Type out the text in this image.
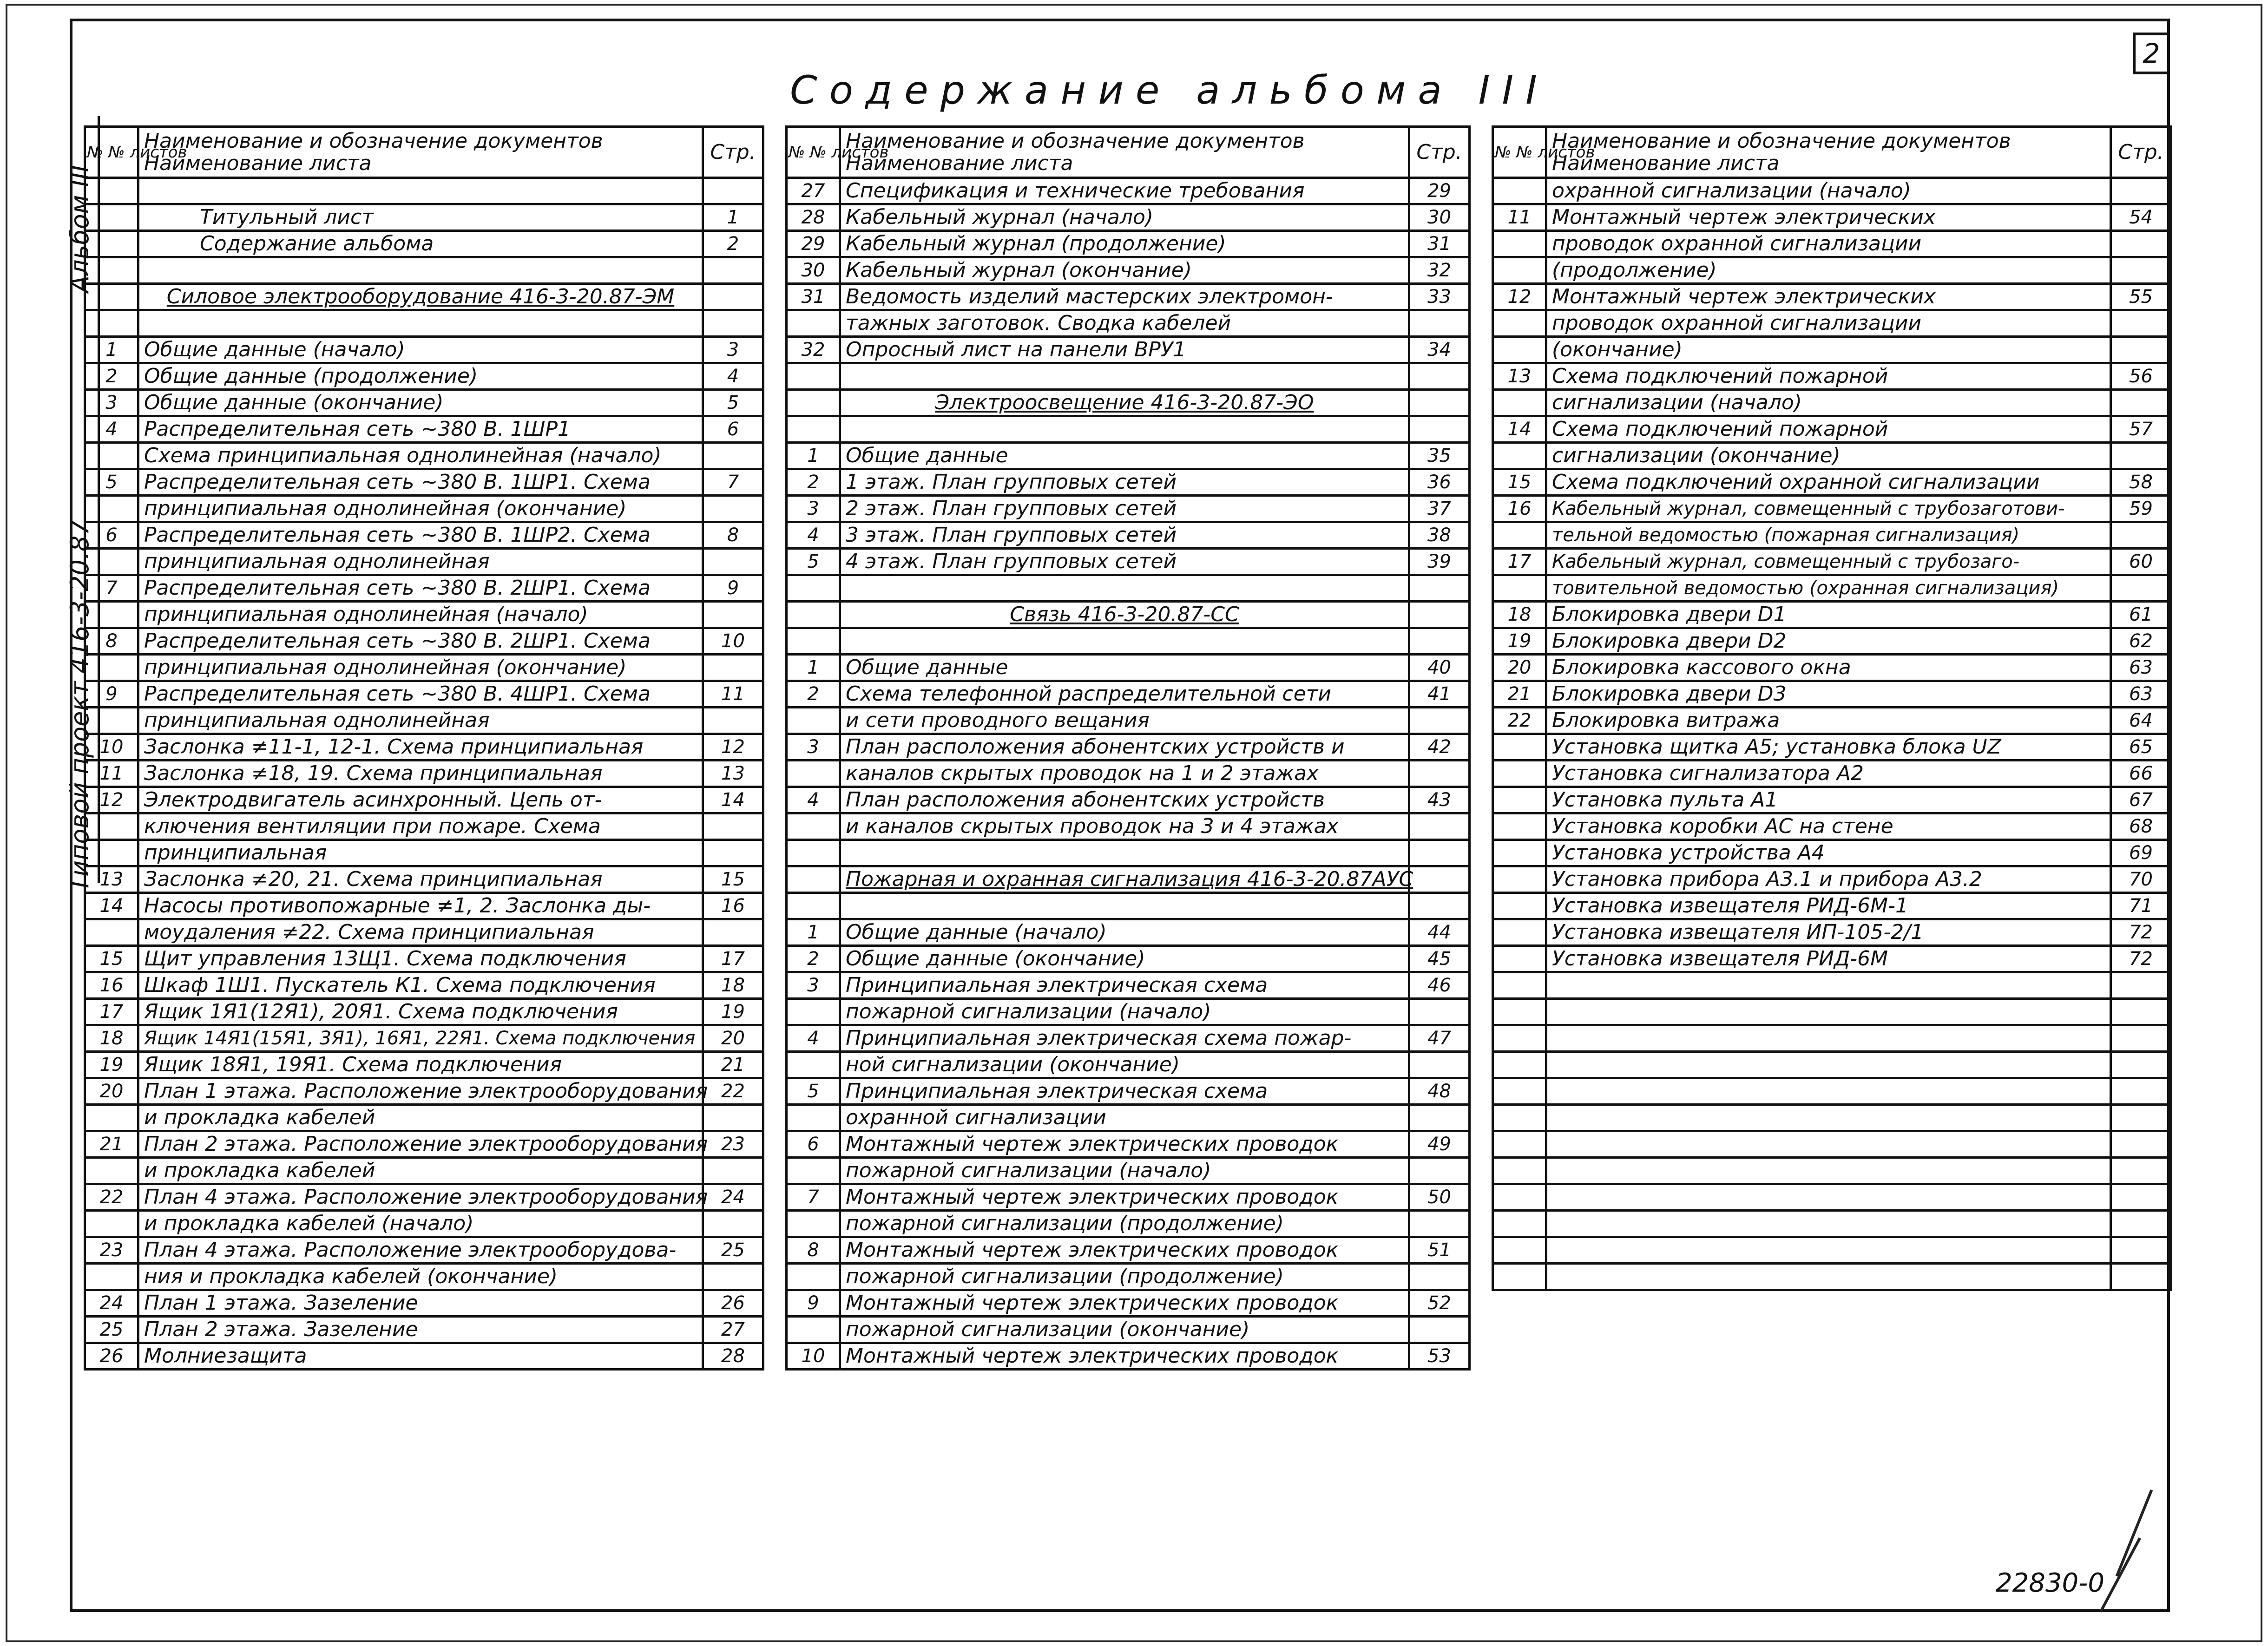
2
Альбом III
Типовой проект 416-3-20.87
Содержание альбома III
№ № листов	Наименование и обозначение документов
Наименование листа	Стр.

	Титульный лист	1
	Содержание альбома	2

	Силовое электрооборудование 416-3-20.87-ЭМ	

1	Общие данные (начало)	3
2	Общие данные (продолжение)	4
3	Общие данные (окончание)	5
4	Распределительная сеть ~380 В. 1ШР1	6
	Схема принципиальная однолинейная (начало)	
5	Распределительная сеть ~380 В. 1ШР1. Схема	7
	принципиальная однолинейная (окончание)	
6	Распределительная сеть ~380 В. 1ШР2. Схема	8
	принципиальная однолинейная	
7	Распределительная сеть ~380 В. 2ШР1. Схема	9
	принципиальная однолинейная (начало)	
8	Распределительная сеть ~380 В. 2ШР1. Схема	10
	принципиальная однолинейная (окончание)	
9	Распределительная сеть ~380 В. 4ШР1. Схема	11
	принципиальная однолинейная	
10	Заслонка ≠11-1, 12-1. Схема принципиальная	12
11	Заслонка ≠18, 19. Схема принципиальная	13
12	Электродвигатель асинхронный. Цепь от-	14
	ключения вентиляции при пожаре. Схема	
	принципиальная	
13	Заслонка ≠20, 21. Схема принципиальная	15
14	Насосы противопожарные ≠1, 2. Заслонка ды-	16
	моудаления ≠22. Схема принципиальная	
15	Щит управления 13Щ1. Схема подключения	17
16	Шкаф 1Ш1. Пускатель К1. Схема подключения	18
17	Ящик 1Я1(12Я1), 20Я1. Схема подключения	19
18	Ящик 14Я1(15Я1, 3Я1), 16Я1, 22Я1. Схема подключения	20
19	Ящик 18Я1, 19Я1. Схема подключения	21
20	План 1 этажа. Расположение электрооборудования	22
	и прокладка кабелей	
21	План 2 этажа. Расположение электрооборудования	23
	и прокладка кабелей	
22	План 4 этажа. Расположение электрооборудования	24
	и прокладка кабелей (начало)	
23	План 4 этажа. Расположение электрооборудова-	25
	ния и прокладка кабелей (окончание)	
24	План 1 этажа. Зазеление	26
25	План 2 этажа. Зазеление	27
26	Молниезащита	28
№ № листов	Наименование и обозначение документов
Наименование листа	Стр.
27	Спецификация и технические требования	29
28	Кабельный журнал (начало)	30
29	Кабельный журнал (продолжение)	31
30	Кабельный журнал (окончание)	32
31	Ведомость изделий мастерских электромон-	33
	тажных заготовок. Сводка кабелей	
32	Опросный лист на панели ВРУ1	34

	Электроосвещение 416-3-20.87-ЭО	

1	Общие данные	35
2	1 этаж. План групповых сетей	36
3	2 этаж. План групповых сетей	37
4	3 этаж. План групповых сетей	38
5	4 этаж. План групповых сетей	39

	Связь 416-3-20.87-СС	

1	Общие данные	40
2	Схема телефонной распределительной сети	41
	и сети проводного вещания	
3	План расположения абонентских устройств и	42
	каналов скрытых проводок на 1 и 2 этажах	
4	План расположения абонентских устройств	43
	и каналов скрытых проводок на 3 и 4 этажах	

	Пожарная и охранная сигнализация 416-3-20.87АУС	

1	Общие данные (начало)	44
2	Общие данные (окончание)	45
3	Принципиальная электрическая схема	46
	пожарной сигнализации (начало)	
4	Принципиальная электрическая схема пожар-	47
	ной сигнализации (окончание)	
5	Принципиальная электрическая схема	48
	охранной сигнализации	
6	Монтажный чертеж электрических проводок	49
	пожарной сигнализации (начало)	
7	Монтажный чертеж электрических проводок	50
	пожарной сигнализации (продолжение)	
8	Монтажный чертеж электрических проводок	51
	пожарной сигнализации (продолжение)	
9	Монтажный чертеж электрических проводок	52
	пожарной сигнализации (окончание)	
10	Монтажный чертеж электрических проводок	53
№ № листов	Наименование и обозначение документов
Наименование листа	Стр.
	охранной сигнализации (начало)	
11	Монтажный чертеж электрических	54
	проводок охранной сигнализации	
	(продолжение)	
12	Монтажный чертеж электрических	55
	проводок охранной сигнализации	
	(окончание)	
13	Схема подключений пожарной	56
	сигнализации (начало)	
14	Схема подключений пожарной	57
	сигнализации (окончание)	
15	Схема подключений охранной сигнализации	58
16	Кабельный журнал, совмещенный с трубозаготови-	59
	тельной ведомостью (пожарная сигнализация)	
17	Кабельный журнал, совмещенный с трубозаго-	60
	товительной ведомостью (охранная сигнализация)	
18	Блокировка двери D1	61
19	Блокировка двери D2	62
20	Блокировка кассового окна	63
21	Блокировка двери D3	63
22	Блокировка витража	64
	Установка щитка А5; установка блока UZ	65
	Установка сигнализатора А2	66
	Установка пульта А1	67
	Установка коробки АС на стене	68
	Установка устройства А4	69
	Установка прибора А3.1 и прибора А3.2	70
	Установка извещателя РИД-6М-1	71
	Установка извещателя ИП-105-2/1	72
	Установка извещателя РИД-6М	72

22830-0
